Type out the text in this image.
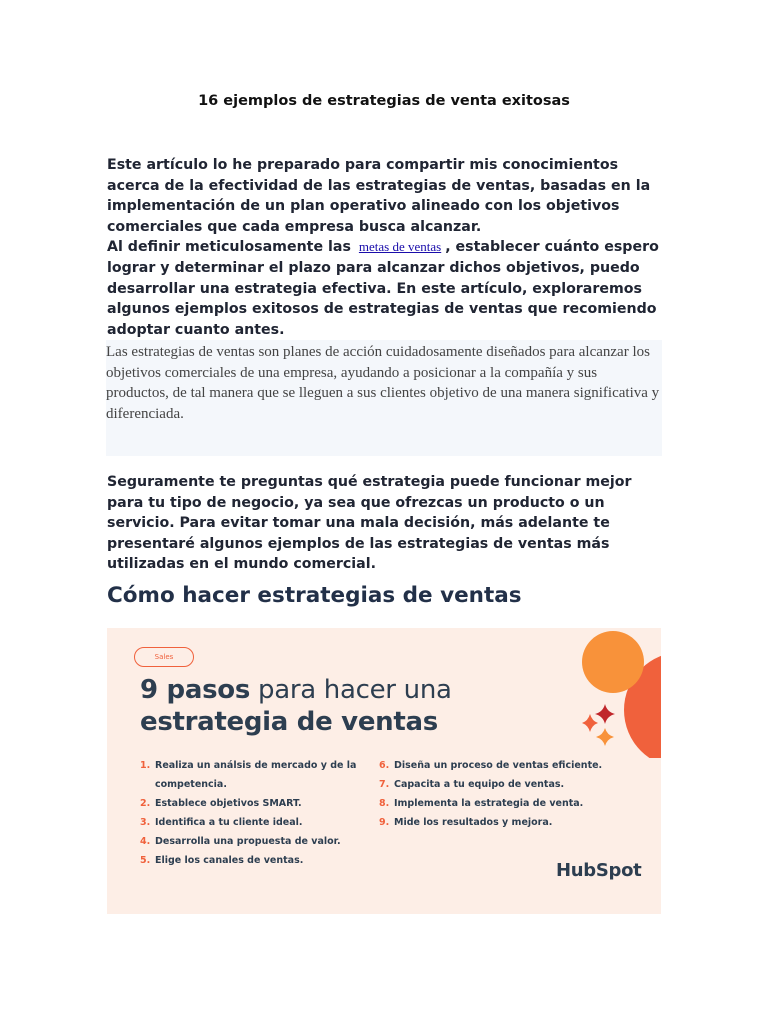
16 ejemplos de estrategias de venta exitosas

Este artículo lo he preparado para compartir mis conocimientos acerca de la efectividad de las estrategias de ventas, basadas en la implementación de un plan operativo alineado con los objetivos comerciales que cada empresa busca alcanzar.

Al definir meticulosamente las metas de ventas , establecer cuánto espero lograr y determinar el plazo para alcanzar dichos objetivos, puedo desarrollar una estrategia efectiva. En este artículo, exploraremos algunos ejemplos exitosos de estrategias de ventas que recomiendo adoptar cuanto antes.

Las estrategias de ventas son planes de acción cuidadosamente diseñados para alcanzar los objetivos comerciales de una empresa, ayudando a posicionar a la compañía y sus productos, de tal manera que se lleguen a sus clientes objetivo de una manera significativa y diferenciada.
Seguramente te preguntas qué estrategia puede funcionar mejor para tu tipo de negocio, ya sea que ofrezcas un producto o un servicio. Para evitar tomar una mala decisión, más adelante te presentaré algunos ejemplos de las estrategias de ventas más utilizadas en el mundo comercial.
Cómo hacer estrategias de ventas
Sales
9 pasos para hacer una
estrategia de ventas
1. Realiza un análsis de mercado y de la competencia.
2. Establece objetivos SMART.
3. Identifica a tu cliente ideal.
4. Desarrolla una propuesta de valor.
5. Elige los canales de ventas.
6. Diseña un proceso de ventas eficiente.
7. Capacita a tu equipo de ventas.
8. Implementa la estrategia de venta.
9. Mide los resultados y mejora.
HubSpot
